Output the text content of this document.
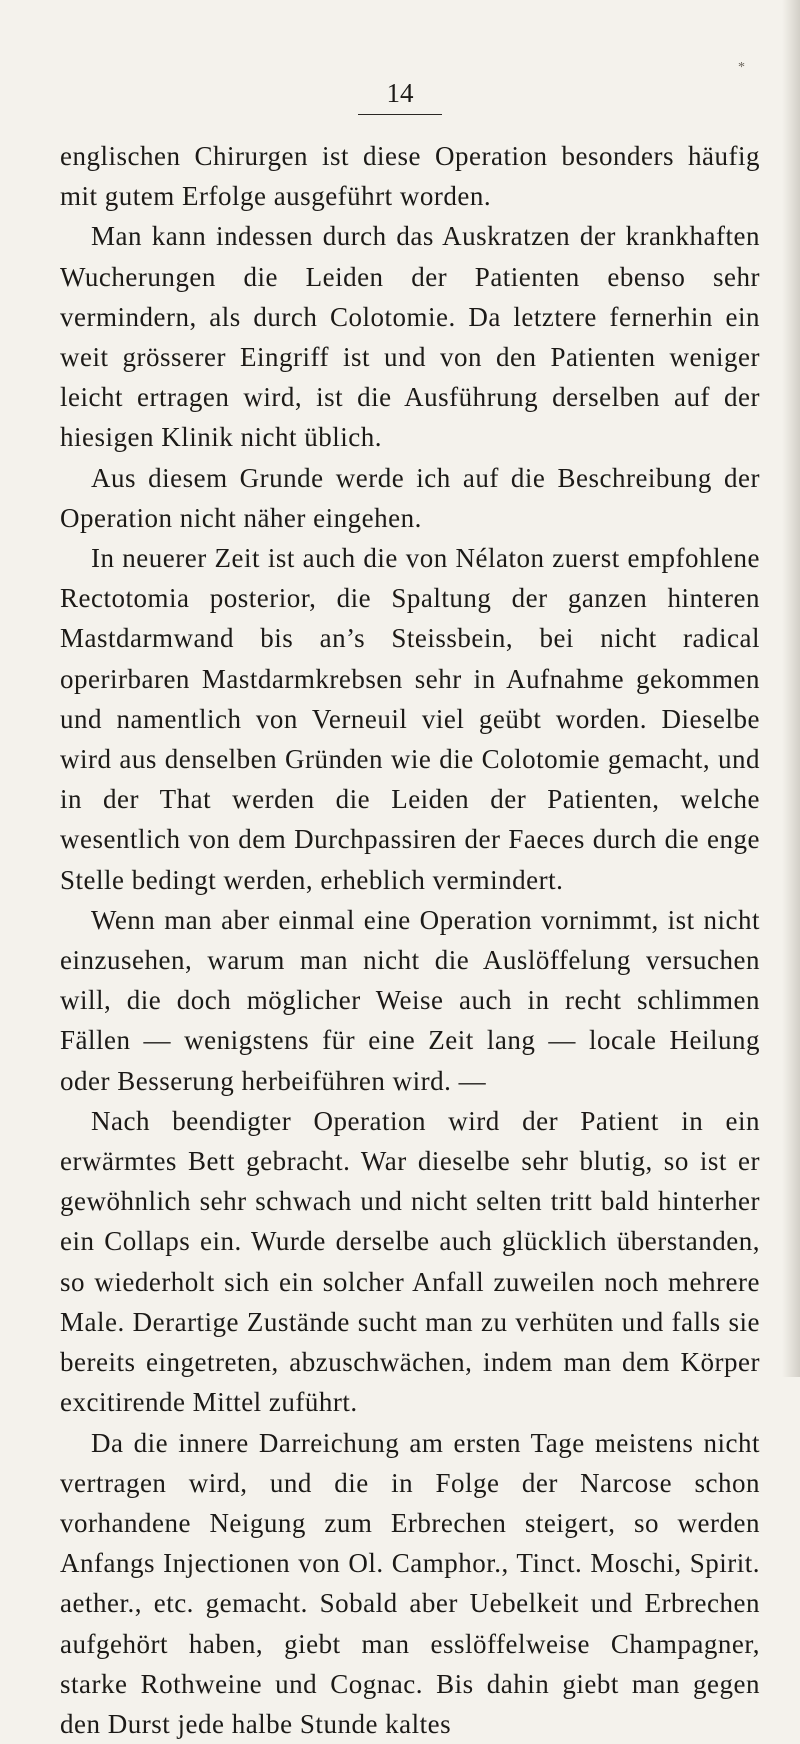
*
14

englischen Chirurgen ist diese Operation besonders häufig mit gutem Erfolge ausgeführt worden.

Man kann indessen durch das Auskratzen der krankhaften Wucherungen die Leiden der Patienten ebenso sehr vermindern, als durch Colotomie. Da letztere fernerhin ein weit grösserer Eingriff ist und von den Patienten weniger leicht ertragen wird, ist die Ausführung derselben auf der hiesigen Klinik nicht üblich.

Aus diesem Grunde werde ich auf die Beschreibung der Operation nicht näher eingehen.

In neuerer Zeit ist auch die von Nélaton zuerst empfohlene Rectotomia posterior, die Spaltung der ganzen hinteren Mastdarmwand bis an’s Steissbein, bei nicht radical operirbaren Mastdarmkrebsen sehr in Aufnahme gekommen und namentlich von Verneuil viel geübt worden. Dieselbe wird aus denselben Gründen wie die Colotomie gemacht, und in der That werden die Leiden der Patienten, welche wesentlich von dem Durchpassiren der Faeces durch die enge Stelle bedingt werden, erheblich vermindert.

Wenn man aber einmal eine Operation vornimmt, ist nicht einzusehen, warum man nicht die Auslöffelung versuchen will, die doch möglicher Weise auch in recht schlimmen Fällen — wenigstens für eine Zeit lang — locale Heilung oder Besserung herbeiführen wird. —

Nach beendigter Operation wird der Patient in ein erwärmtes Bett gebracht. War dieselbe sehr blutig, so ist er gewöhnlich sehr schwach und nicht selten tritt bald hinterher ein Collaps ein. Wurde derselbe auch glücklich überstanden, so wiederholt sich ein solcher Anfall zuweilen noch mehrere Male. Derartige Zustände sucht man zu verhüten und falls sie bereits eingetreten, abzuschwächen, indem man dem Körper excitirende Mittel zuführt.

Da die innere Darreichung am ersten Tage meistens nicht vertragen wird, und die in Folge der Narcose schon vorhandene Neigung zum Erbrechen steigert, so werden Anfangs Injectionen von Ol. Camphor., Tinct. Moschi, Spirit. aether., etc. gemacht. Sobald aber Uebelkeit und Erbrechen aufgehört haben, giebt man esslöffelweise Champagner, starke Rothweine und Cognac. Bis dahin giebt man gegen den Durst jede halbe Stunde kaltes
